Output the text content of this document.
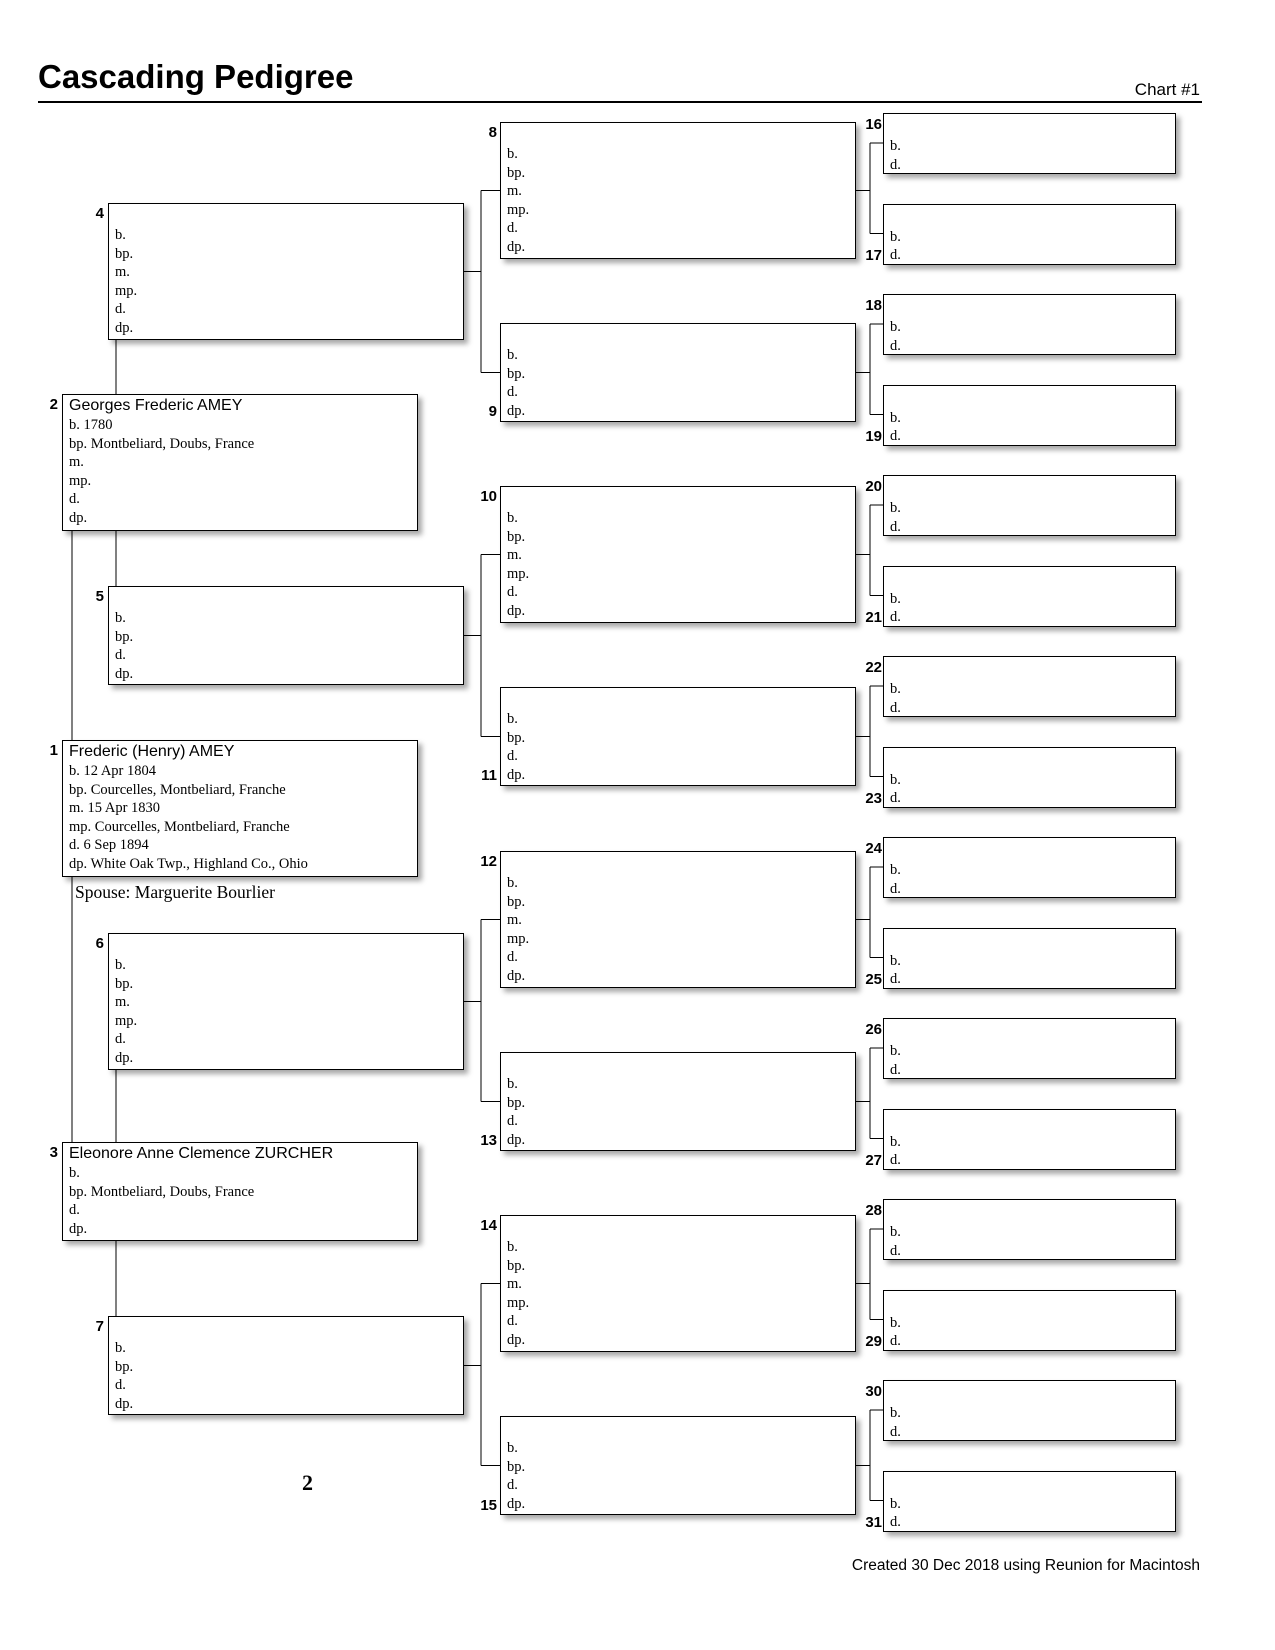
Cascading Pedigree	Chart #1
Frederic (Henry) AMEY
b. 12 Apr 1804
bp. Courcelles, Montbeliard, Franche
m. 15 Apr 1830
mp. Courcelles, Montbeliard, Franche
d. 6 Sep 1894
dp. White Oak Twp., Highland Co., Ohio
1
Georges Frederic AMEY
b. 1780
bp. Montbeliard, Doubs, France
m.
mp.
d.
dp.
2
Eleonore Anne Clemence ZURCHER
b.
bp. Montbeliard, Doubs, France
d.
dp.
3
b.
bp.
m.
mp.
d.
dp.
4
b.
bp.
d.
dp.
5
b.
bp.
m.
mp.
d.
dp.
6
b.
bp.
d.
dp.
7
b.
bp.
m.
mp.
d.
dp.
8
b.
bp.
d.
dp.
9
b.
bp.
m.
mp.
d.
dp.
10
b.
bp.
d.
dp.
11
b.
bp.
m.
mp.
d.
dp.
12
b.
bp.
d.
dp.
13
b.
bp.
m.
mp.
d.
dp.
14
b.
bp.
d.
dp.
15
b.
d.
16
b.
d.
17
b.
d.
18
b.
d.
19
b.
d.
20
b.
d.
21
b.
d.
22
b.
d.
23
b.
d.
24
b.
d.
25
b.
d.
26
b.
d.
27
b.
d.
28
b.
d.
29
b.
d.
30
b.
d.
31
Spouse: Marguerite Bourlier
2
Created 30 Dec 2018 using Reunion for Macintosh
